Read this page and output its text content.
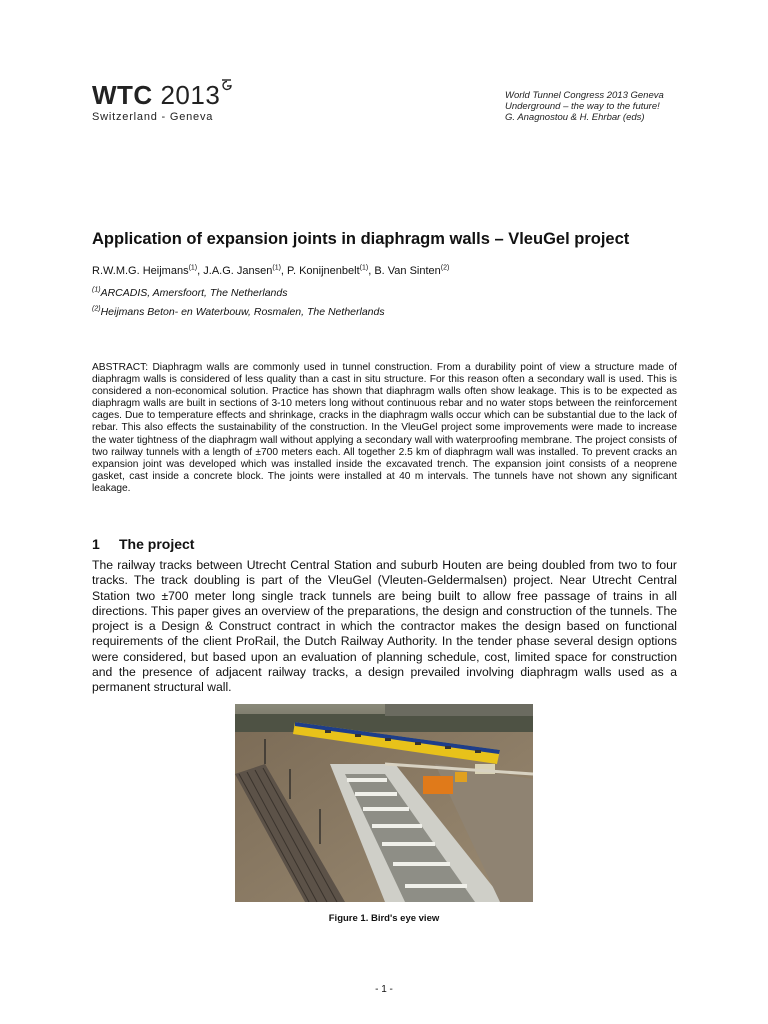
WTC 2013
Switzerland - Geneva
World Tunnel Congress 2013 Geneva
Underground – the way to the future!
G. Anagnostou & H. Ehrbar (eds)
Application of expansion joints in diaphragm walls – VleuGel project
R.W.M.G. Heijmans$^{(1)}$, J.A.G. Jansen$^{(1)}$, P. Konijnenbelt$^{(1)}$, B. Van Sinten$^{(2)}$
$^{(1)}$ARCADIS, Amersfoort, The Netherlands
$^{(2)}$Heijmans Beton- en Waterbouw, Rosmalen, The Netherlands
ABSTRACT: Diaphragm walls are commonly used in tunnel construction. From a durability point of view a structure made of diaphragm walls is considered of less quality than a cast in situ structure. For this reason often a secondary wall is used. This is considered a non-economical solution. Practice has shown that diaphragm walls often show leakage. This is to be expected as diaphragm walls are built in sections of 3-10 meters long without continuous rebar and no water stops between the reinforcement cages. Due to temperature effects and shrinkage, cracks in the diaphragm walls occur which can be substantial due to the lack of rebar. This also effects the sustainability of the construction. In the VleuGel project some improvements were made to increase the water tightness of the diaphragm wall without applying a secondary wall with waterproofing membrane. The project consists of two railway tunnels with a length of ±700 meters each. All together 2.5 km of diaphragm wall was installed. To prevent cracks an expansion joint was developed which was installed inside the excavated trench. The expansion joint consists of a neoprene gasket, cast inside a concrete block. The joints were installed at 40 m intervals. The tunnels have not shown any significant leakage.
1 The project
The railway tracks between Utrecht Central Station and suburb Houten are being doubled from two to four tracks. The track doubling is part of the VleuGel (Vleuten-Geldermalsen) project. Near Utrecht Central Station two ±700 meter long single track tunnels are being built to allow free passage of trains in all directions. This paper gives an overview of the preparations, the design and construction of the tunnels. The project is a Design & Construct contract in which the contractor makes the design based on functional requirements of the client ProRail, the Dutch Railway Authority. In the tender phase several design options were considered, but based upon an evaluation of planning schedule, cost, limited space for construction and the presence of adjacent railway tracks, a design prevailed involving diaphragm walls used as a permanent structural wall.
Figure 1. Bird's eye view
- 1 -
